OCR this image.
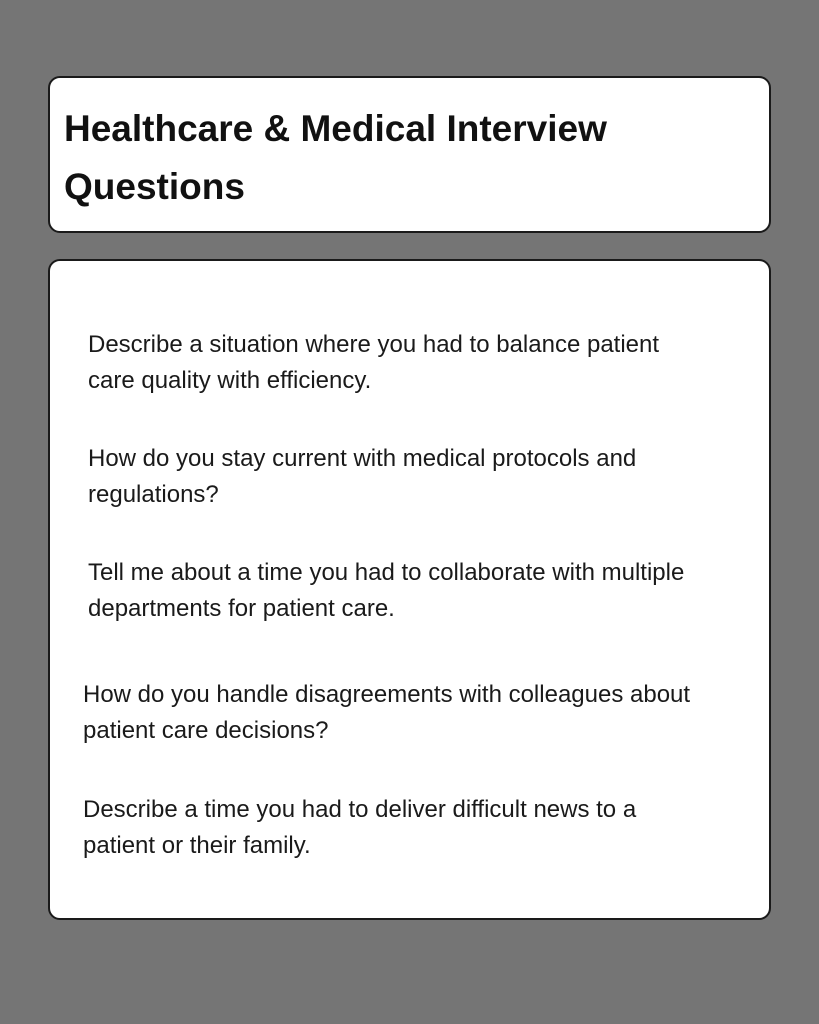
Healthcare & Medical Interview Questions

Describe a situation where you had to balance patient care quality with efficiency.

How do you stay current with medical protocols and regulations?

Tell me about a time you had to collaborate with multiple departments for patient care.

How do you handle disagreements with colleagues about patient care decisions?

Describe a time you had to deliver difficult news to a patient or their family.
